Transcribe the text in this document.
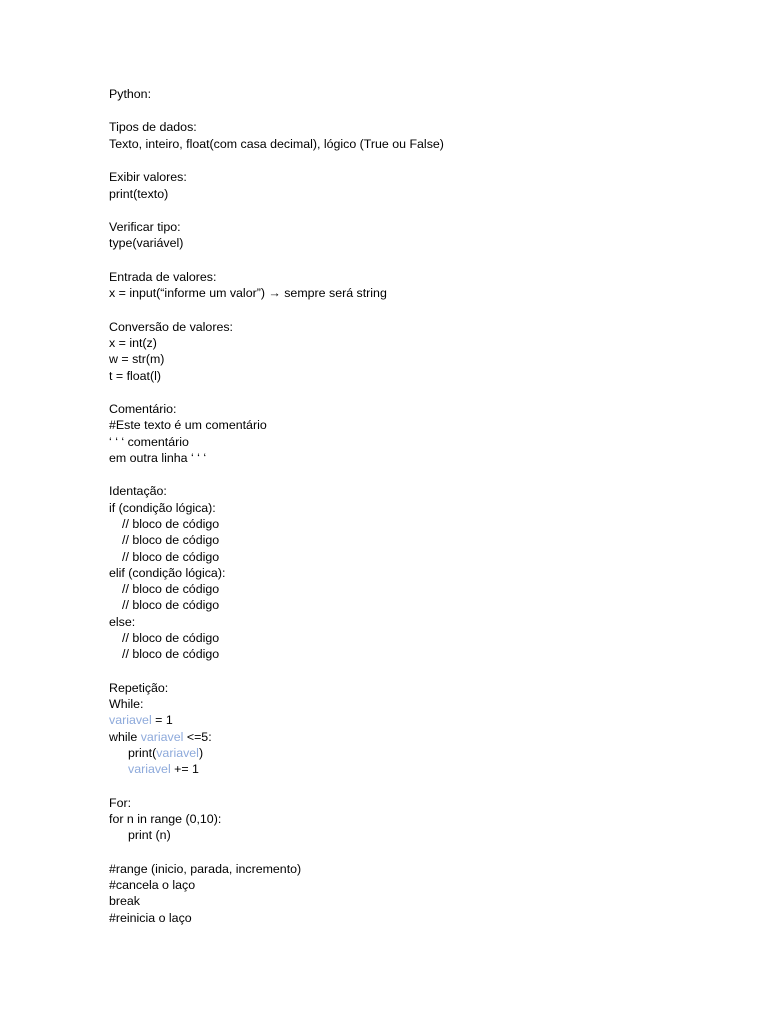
Python:
Tipos de dados:
Texto, inteiro, float(com casa decimal), lógico (True ou False)
Exibir valores:
print(texto)
Verificar tipo:
type(variável)
Entrada de valores:
x = input(“informe um valor”) → sempre será string
Conversão de valores:
x = int(z)
w = str(m)
t = float(l)
Comentário:
#Este texto é um comentário
‘ ‘ ‘ comentário
em outra linha ‘ ‘ ‘
Identação:
if (condição lógica):
// bloco de código
// bloco de código
// bloco de código
elif (condição lógica):
// bloco de código
// bloco de código
else:
// bloco de código
// bloco de código
Repetição:
While:
variavel = 1
while variavel <=5:
print(variavel)
variavel += 1
For:
for n in range (0,10):
print (n)
#range (inicio, parada, incremento)
#cancela o laço
break
#reinicia o laço
